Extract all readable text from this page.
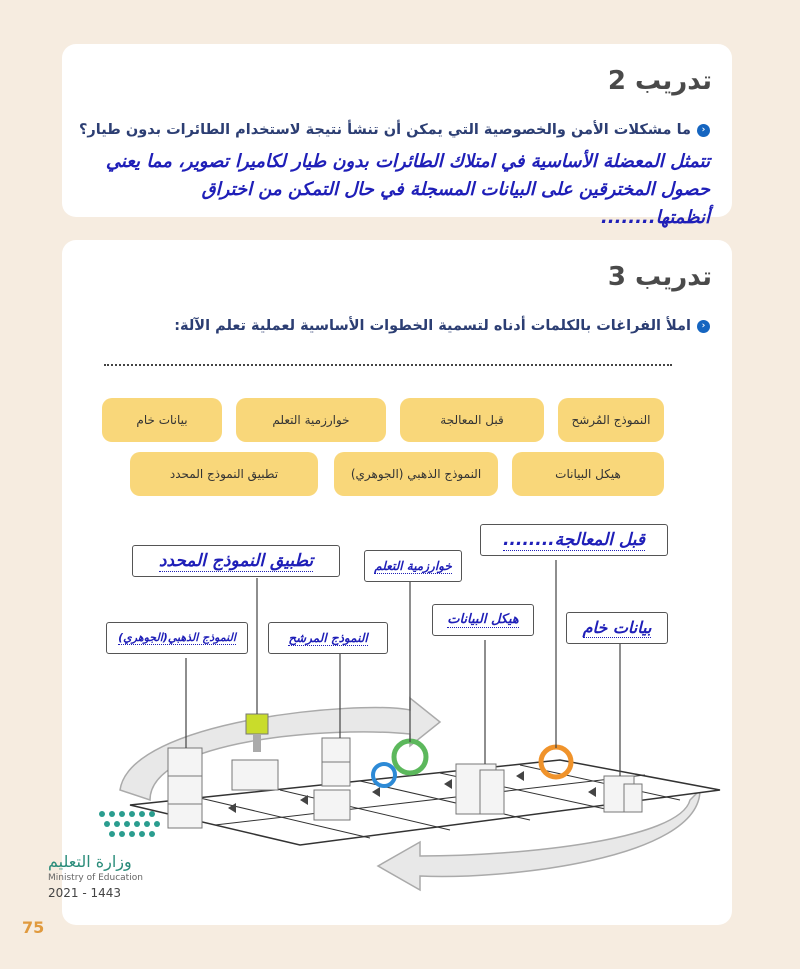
تدريب 2
‹
ما مشكلات الأمن والخصوصية التي يمكن أن تنشأ نتيجة لاستخدام الطائرات بدون طيار؟
تتمثل المعضلة الأساسية في امتلاك الطائرات بدون طيار لكاميرا تصوير، مما يعني
حصول المخترقين على البيانات المسجلة في حال التمكن من اختراق أنظمتها........
تدريب 3
‹
املأ الفراغات بالكلمات أدناه لتسمية الخطوات الأساسية لعملية تعلم الآلة:
النموذج المُرشح
قبل المعالجة
خوارزمية التعلم
بيانات خام
هيكل البيانات
النموذج الذهبي (الجوهري)
تطبيق النموذج المحدد
قبل المعالجة........
تطبيق النموذج المحدد	خوارزمية التعلم
هيكل البيانات	بيانات خام
النموذج الذهبي(الجوهري)	النموذج المرشح
وزارة التعليم
Ministry of Education
2021 - 1443
75
